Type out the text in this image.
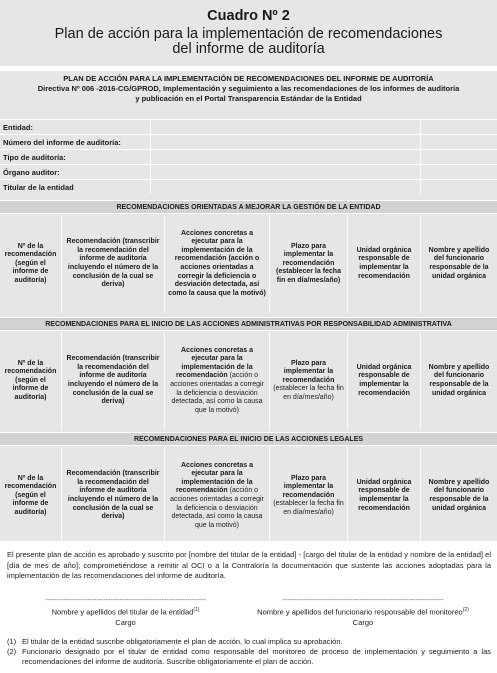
Cuadro Nº 2
Plan de acción para la implementación de recomendaciones
del informe de auditoría
PLAN DE ACCIÓN PARA LA IMPLEMENTACIÓN DE RECOMENDACIONES DEL INFORME DE AUDITORÍA
Directiva Nº 006 -2016-CG/GPROD, Implementación y seguimiento a las recomendaciones de los informes de auditoría
y publicación en el Portal Transparencia Estándar de la Entidad
Entidad:
Número del informe de auditoría:
Tipo de auditoría:
Órgano auditor:
Titular de la entidad
RECOMENDACIONES ORIENTADAS A MEJORAR LA GESTIÓN DE LA ENTIDAD
Nº de la recomendación (según el informe de auditoría)
Recomendación (transcribir la recomendación del informe de auditoría incluyendo el número de la conclusión de la cual se deriva)
Acciones concretas a ejecutar para la implementación de la recomendación (acción o acciones orientadas a corregir la deficiencia o desviación detectada, así como la causa que la motivó)
Plazo para implementar la recomendación (establecer la fecha fin en día/mes/año)
Unidad orgánica responsable de implementar la recomendación
Nombre y apellido del funcionario responsable de la unidad orgánica
RECOMENDACIONES PARA EL INICIO DE LAS ACCIONES ADMINISTRATIVAS POR RESPONSABILIDAD ADMINISTRATIVA
Nº de la recomendación (según el informe de auditoría)
Recomendación (transcribir la recomendación del informe de auditoría incluyendo el número de la conclusión de la cual se deriva)
Acciones concretas a ejecutar para la implementación de la recomendación (acción o acciones orientadas a corregir la deficiencia o desviación detectada, así como la causa que la motivó)
Plazo para implementar la recomendación (establecer la fecha fin en día/mes/año)
Unidad orgánica responsable de implementar la recomendación
Nombre y apellido del funcionario responsable de la unidad orgánica
RECOMENDACIONES PARA EL INICIO DE LAS ACCIONES LEGALES
Nº de la recomendación (según el informe de auditoría)
Recomendación (transcribir la recomendación del informe de auditoría incluyendo el número de la conclusión de la cual se deriva)
Acciones concretas a ejecutar para la implementación de la recomendación (acción o acciones orientadas a corregir la deficiencia o desviación detectada, así como la causa que la motivó)
Plazo para implementar la recomendación (establecer la fecha fin en día/mes/año)
Unidad orgánica responsable de implementar la recomendación
Nombre y apellido del funcionario responsable de la unidad orgánica
El presente plan de acción es aprobado y suscrito por [nombre del titular de la entidad] - [cargo del titular de la entidad y nombre de la entidad] el [día de mes de año]; comprometiéndose a remitir al OCI o a la Contraloría la documentación que sustente las acciones adoptadas para la implementación de las recomendaciones del informe de auditoría.
---------------------------------------------------------------------
Nombre y apellidos del titular de la entidad$^{(1)}$
Cargo
---------------------------------------------------------------------
Nombre y apellidos del funcionario responsable del monitoreo$^{(2)}$
Cargo
(1) El titular de la entidad suscribe obligatoriamente el plan de acción, lo cual implica su aprobación.
(2) Funcionario designado por el titular de entidad como responsable del monitoreo de proceso de implementación y seguimiento a las recomendaciones del informe de auditoría. Suscribe obligatoriamente el plan de acción.
